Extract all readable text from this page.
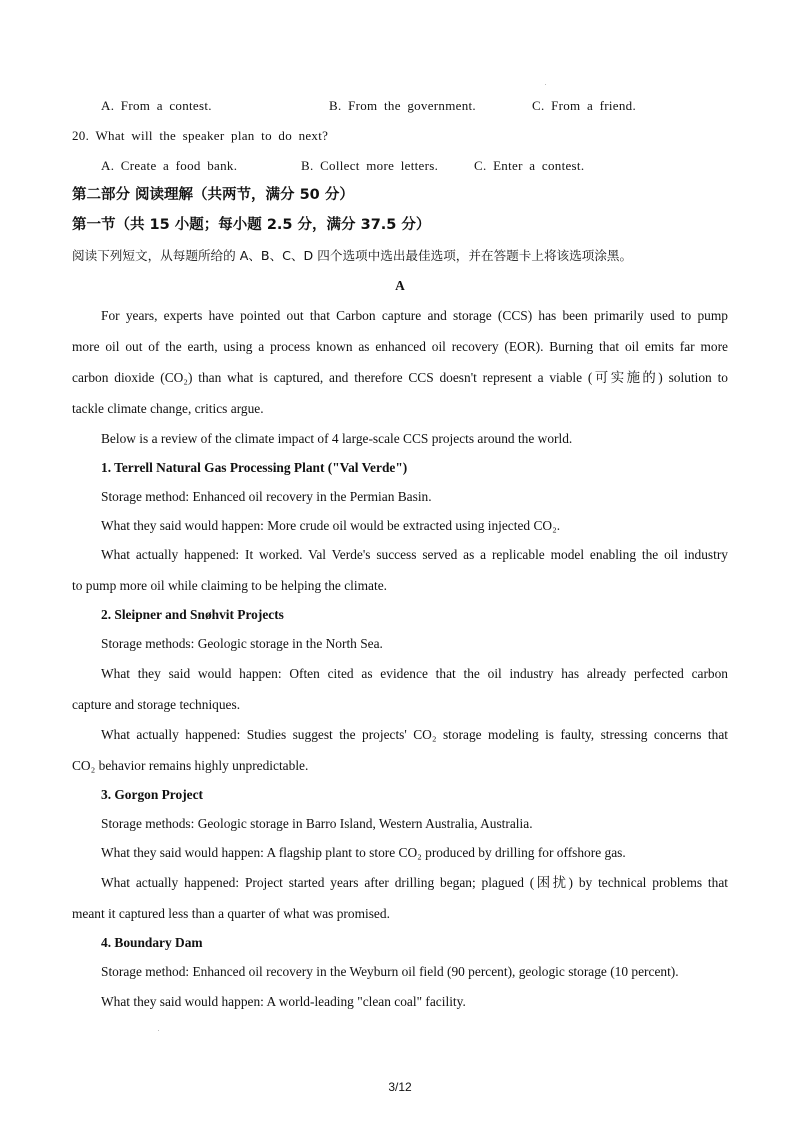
A. From a contest.	B. From the government.	C. From a friend.
20. What will the speaker plan to do next?
A. Create a food bank.	B. Collect more letters.	C. Enter a contest.
第二部分 阅读理解（共两节，满分 50 分）
第一节（共 15 小题；每小题 2.5 分，满分 37.5 分）
阅读下列短文，从每题所给的 A、B、C、D 四个选项中选出最佳选项，并在答题卡上将该选项涂黑。
A
For years, experts have pointed out that Carbon capture and storage (CCS) has been primarily used to pump
more oil out of the earth, using a process known as enhanced oil recovery (EOR). Burning that oil emits far more
carbon dioxide (CO₂) than what is captured, and therefore CCS doesn't represent a viable (可实施的) solution to
tackle climate change, critics argue.
Below is a review of the climate impact of 4 large-scale CCS projects around the world.
1. Terrell Natural Gas Processing Plant ("Val Verde")
Storage method: Enhanced oil recovery in the Permian Basin.
What they said would happen: More crude oil would be extracted using injected CO₂.
What actually happened: It worked. Val Verde's success served as a replicable model enabling the oil industry
to pump more oil while claiming to be helping the climate.
2. Sleipner and Snøhvit Projects
Storage methods: Geologic storage in the North Sea.
What they said would happen: Often cited as evidence that the oil industry has already perfected carbon
capture and storage techniques.
What actually happened: Studies suggest the projects' CO₂ storage modeling is faulty, stressing concerns that
CO₂ behavior remains highly unpredictable.
3. Gorgon Project
Storage methods: Geologic storage in Barro Island, Western Australia, Australia.
What they said would happen: A flagship plant to store CO₂ produced by drilling for offshore gas.
What actually happened: Project started years after drilling began; plagued (困扰) by technical problems that
meant it captured less than a quarter of what was promised.
4. Boundary Dam
Storage method: Enhanced oil recovery in the Weyburn oil field (90 percent), geologic storage (10 percent).
What they said would happen: A world-leading "clean coal" facility.
3/12
